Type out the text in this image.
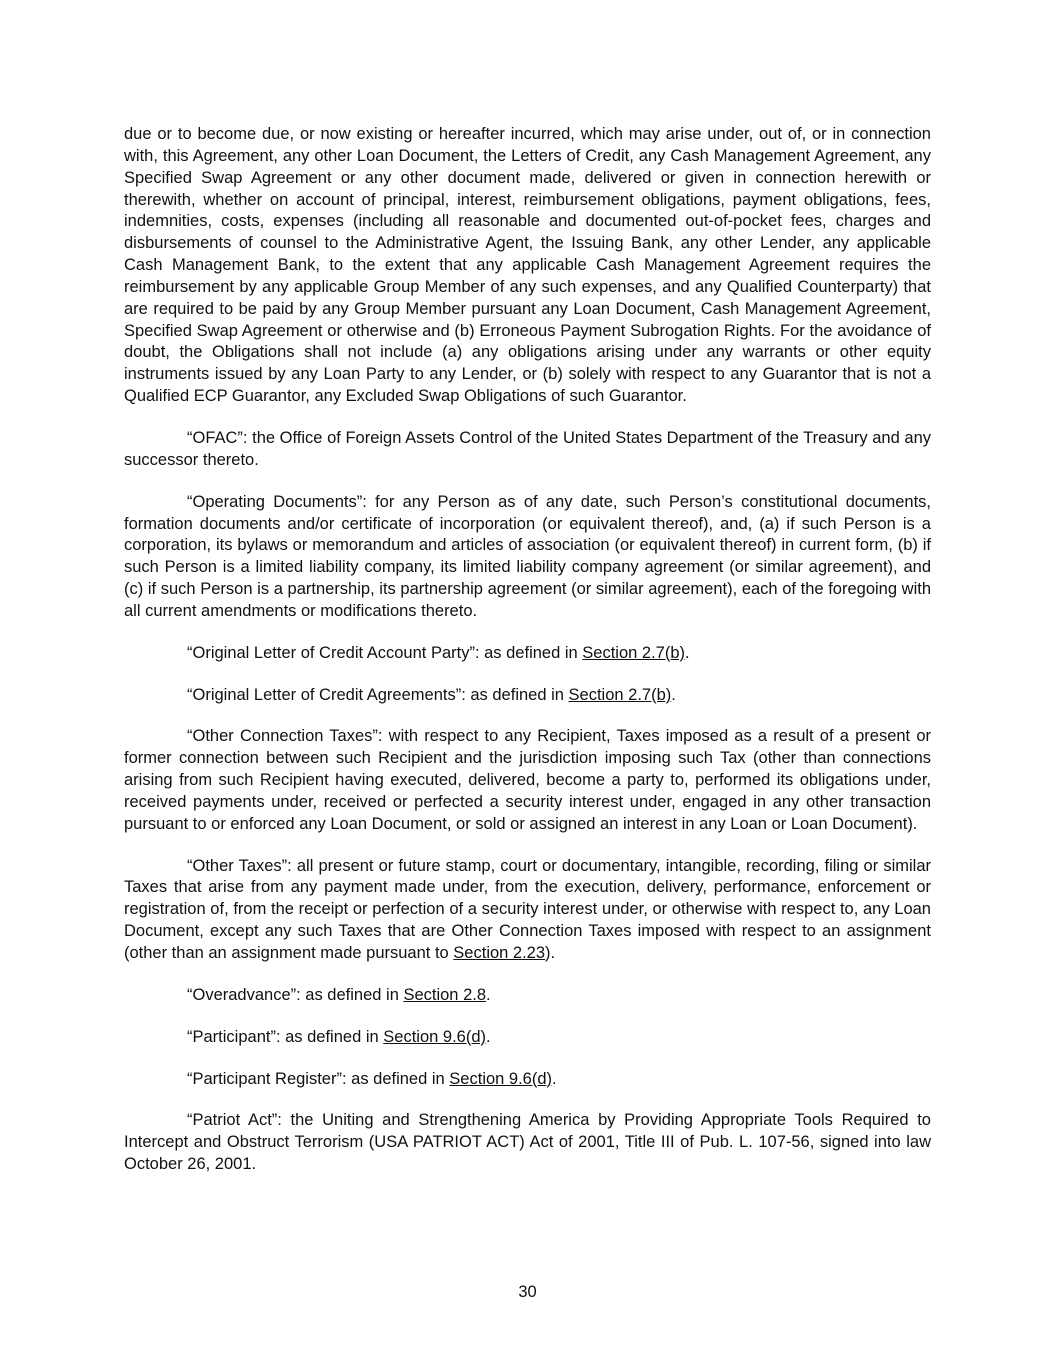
due or to become due, or now existing or hereafter incurred, which may arise under, out of, or in connection with, this Agreement, any other Loan Document, the Letters of Credit, any Cash Management Agreement, any Specified Swap Agreement or any other document made, delivered or given in connection herewith or therewith, whether on account of principal, interest, reimbursement obligations, payment obligations, fees, indemnities, costs, expenses (including all reasonable and documented out-of-pocket fees, charges and disbursements of counsel to the Administrative Agent, the Issuing Bank, any other Lender, any applicable Cash Management Bank, to the extent that any applicable Cash Management Agreement requires the reimbursement by any applicable Group Member of any such expenses, and any Qualified Counterparty) that are required to be paid by any Group Member pursuant any Loan Document, Cash Management Agreement, Specified Swap Agreement or otherwise and (b) Erroneous Payment Subrogation Rights. For the avoidance of doubt, the Obligations shall not include (a) any obligations arising under any warrants or other equity instruments issued by any Loan Party to any Lender, or (b) solely with respect to any Guarantor that is not a Qualified ECP Guarantor, any Excluded Swap Obligations of such Guarantor.

“OFAC”: the Office of Foreign Assets Control of the United States Department of the Treasury and any successor thereto.

“Operating Documents”: for any Person as of any date, such Person’s constitutional documents, formation documents and/or certificate of incorporation (or equivalent thereof), and, (a) if such Person is a corporation, its bylaws or memorandum and articles of association (or equivalent thereof) in current form, (b) if such Person is a limited liability company, its limited liability company agreement (or similar agreement), and (c) if such Person is a partnership, its partnership agreement (or similar agreement), each of the foregoing with all current amendments or modifications thereto.

“Original Letter of Credit Account Party”: as defined in Section 2.7(b).

“Original Letter of Credit Agreements”: as defined in Section 2.7(b).

“Other Connection Taxes”: with respect to any Recipient, Taxes imposed as a result of a present or former connection between such Recipient and the jurisdiction imposing such Tax (other than connections arising from such Recipient having executed, delivered, become a party to, performed its obligations under, received payments under, received or perfected a security interest under, engaged in any other transaction pursuant to or enforced any Loan Document, or sold or assigned an interest in any Loan or Loan Document).

“Other Taxes”: all present or future stamp, court or documentary, intangible, recording, filing or similar Taxes that arise from any payment made under, from the execution, delivery, performance, enforcement or registration of, from the receipt or perfection of a security interest under, or otherwise with respect to, any Loan Document, except any such Taxes that are Other Connection Taxes imposed with respect to an assignment (other than an assignment made pursuant to Section 2.23).

“Overadvance”: as defined in Section 2.8.

“Participant”: as defined in Section 9.6(d).

“Participant Register”: as defined in Section 9.6(d).

“Patriot Act”: the Uniting and Strengthening America by Providing Appropriate Tools Required to Intercept and Obstruct Terrorism (USA PATRIOT ACT) Act of 2001, Title III of Pub. L. 107-56, signed into law October 26, 2001.

30
